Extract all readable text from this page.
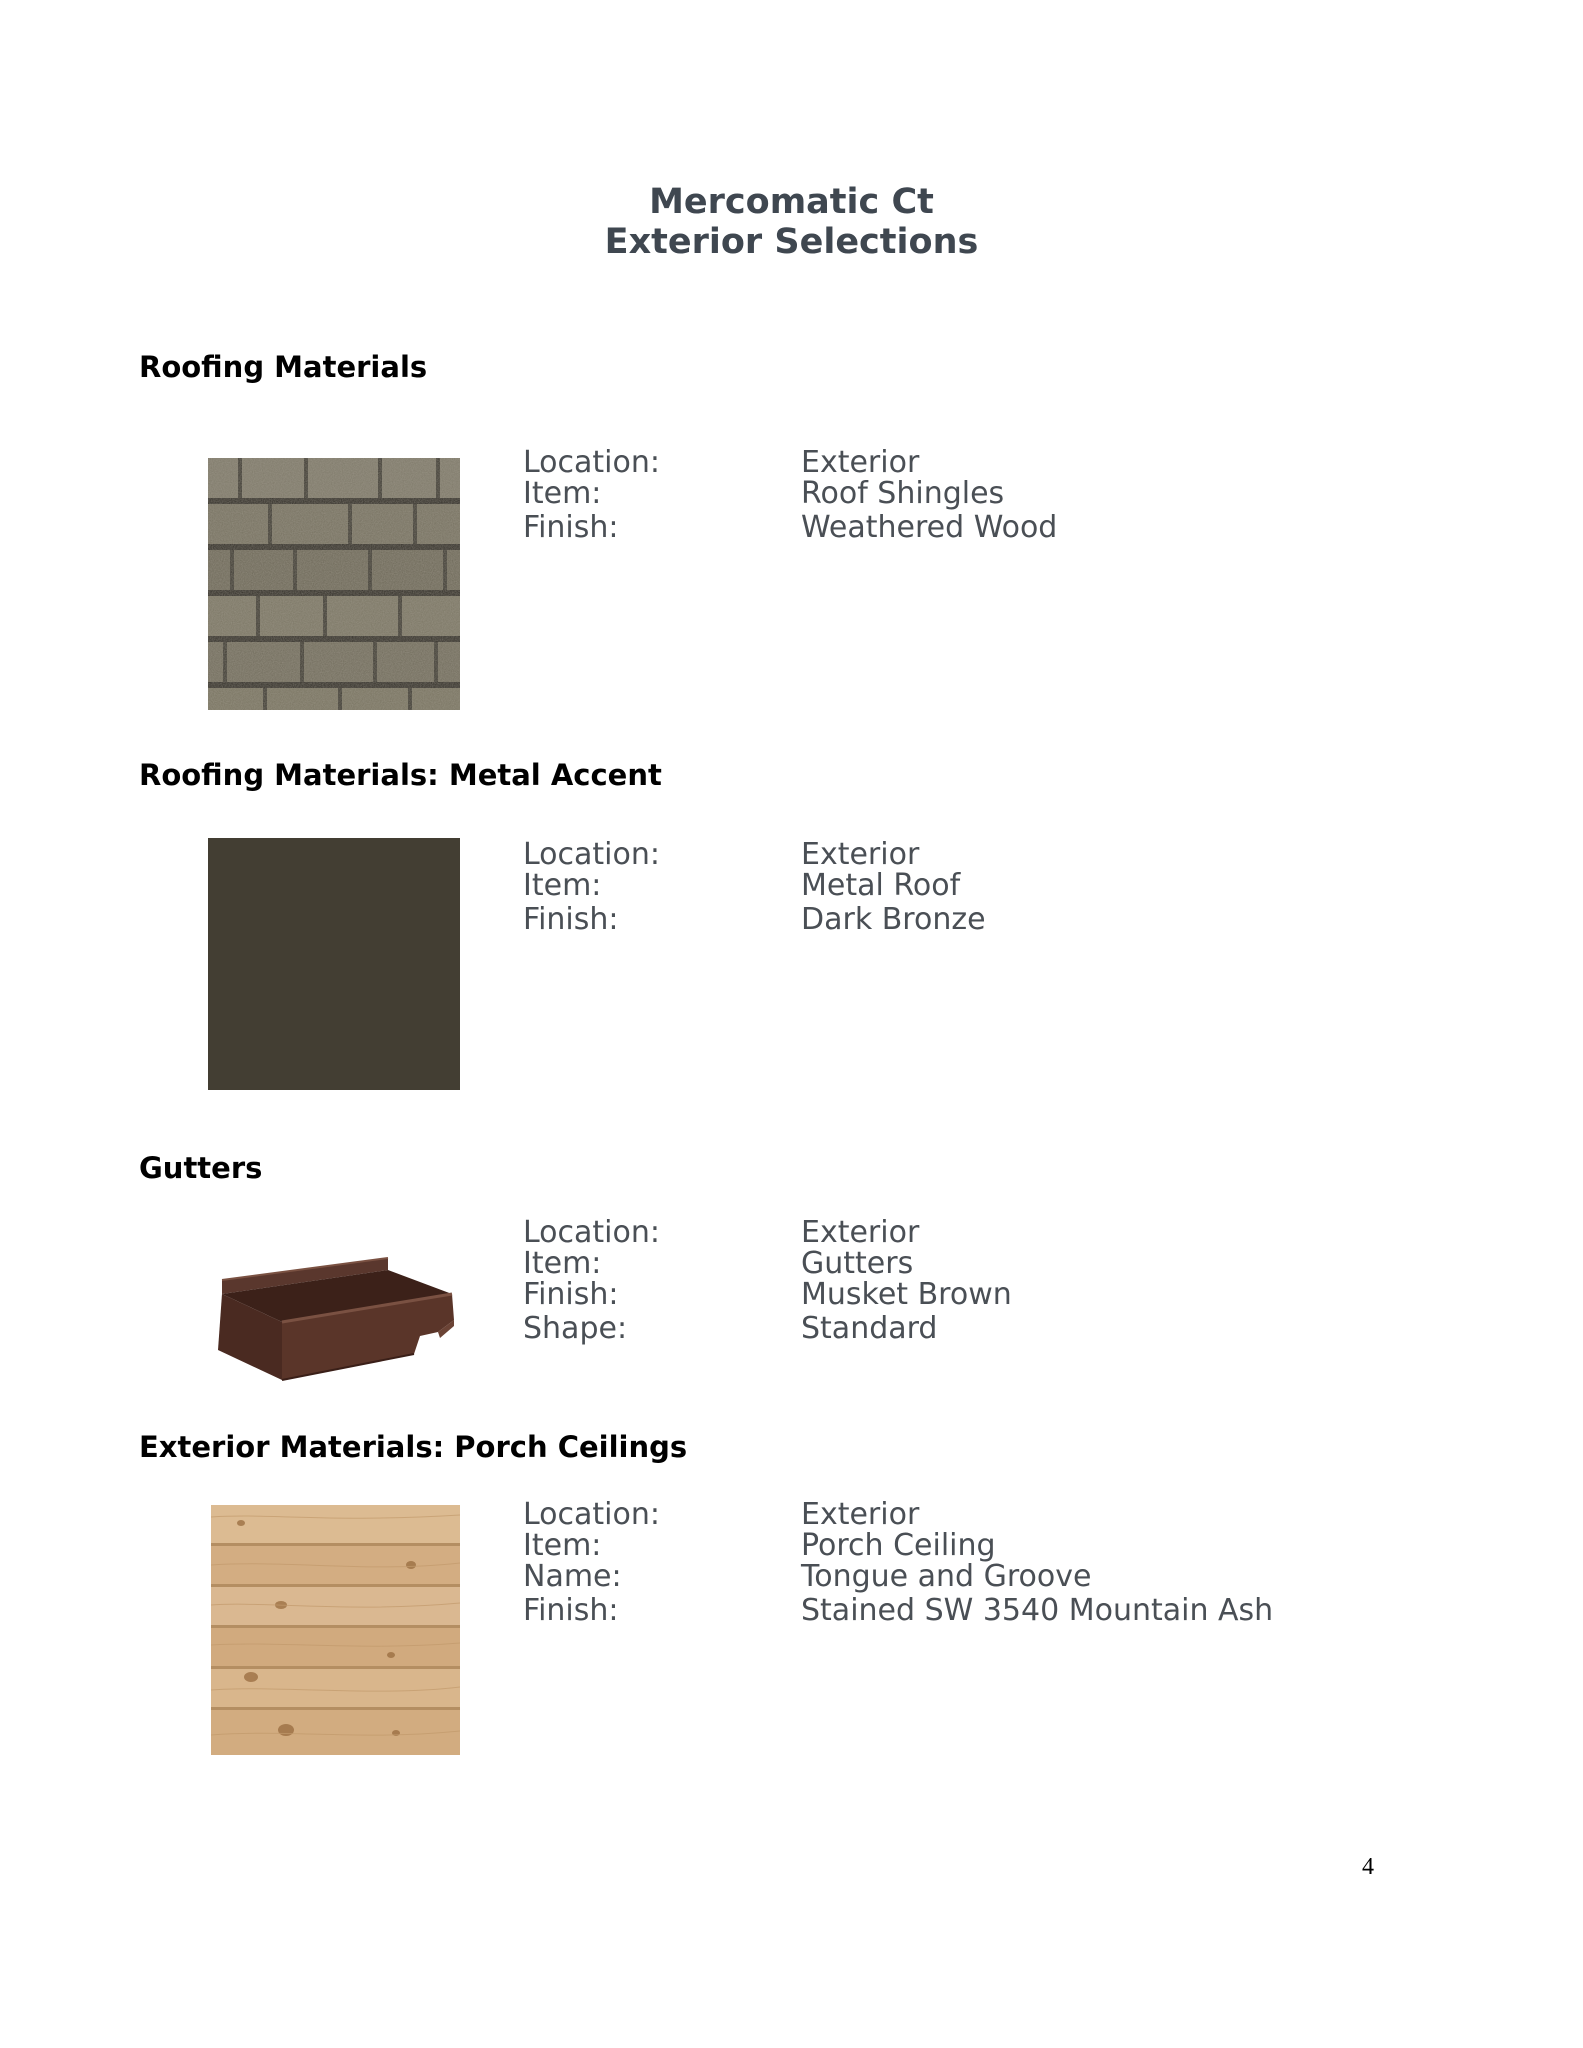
Mercomatic Ct
Exterior Selections
Roofing Materials
Location:	Exterior
Item:	Roof Shingles
Finish:	Weathered Wood
Roofing Materials: Metal Accent
Location:	Exterior
Item:	Metal Roof
Finish:	Dark Bronze
Gutters
Location:	Exterior
Item:	Gutters
Finish:	Musket Brown
Shape:	Standard
Exterior Materials: Porch Ceilings
Location:	Exterior
Item:	Porch Ceiling
Name:	Tongue and Groove
Finish:	Stained SW 3540 Mountain Ash
4
